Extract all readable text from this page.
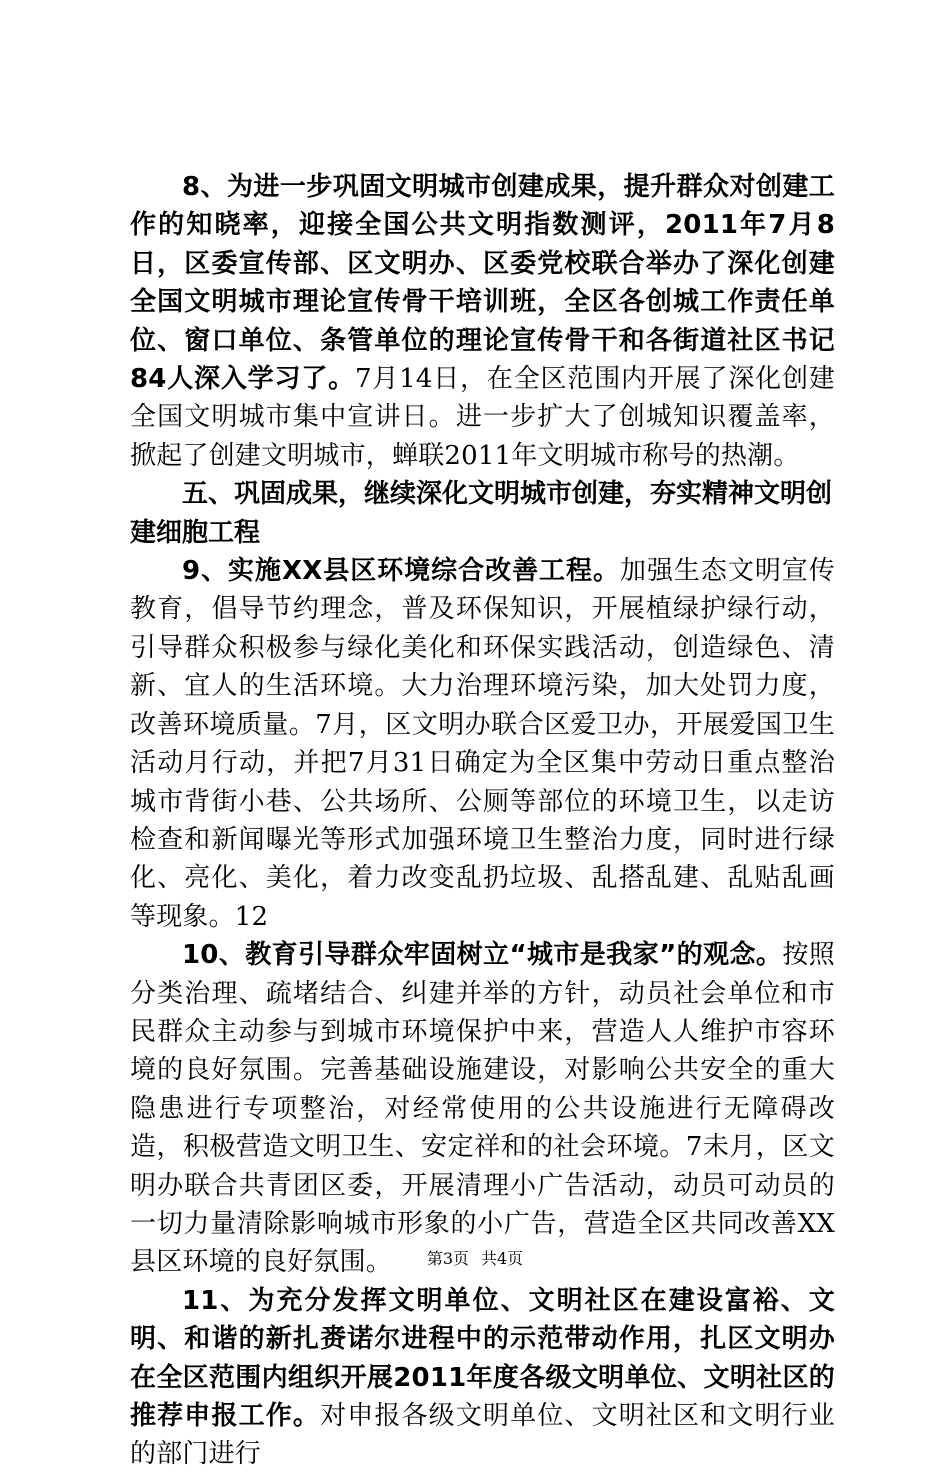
8、为进一步巩固文明城市创建成果，提升群众对创建工作的知晓率，迎接全国公共文明指数测评，2011年7月8日，区委宣传部、区文明办、区委党校联合举办了深化创建全国文明城市理论宣传骨干培训班，全区各创城工作责任单位、窗口单位、条管单位的理论宣传骨干和各街道社区书记84人深入学习了。7月14日，在全区范围内开展了深化创建全国文明城市集中宣讲日。进一步扩大了创城知识覆盖率，掀起了创建文明城市，蝉联2011年文明城市称号的热潮。

五、巩固成果，继续深化文明城市创建，夯实精神文明创建细胞工程

9、实施XX县区环境综合改善工程。加强生态文明宣传教育，倡导节约理念，普及环保知识，开展植绿护绿行动，引导群众积极参与绿化美化和环保实践活动，创造绿色、清新、宜人的生活环境。大力治理环境污染，加大处罚力度，改善环境质量。7月，区文明办联合区爱卫办，开展爱国卫生活动月行动，并把7月31日确定为全区集中劳动日重点整治城市背街小巷、公共场所、公厕等部位的环境卫生，以走访检查和新闻曝光等形式加强环境卫生整治力度，同时进行绿化、亮化、美化，着力改变乱扔垃圾、乱搭乱建、乱贴乱画等现象。12

10、教育引导群众牢固树立“城市是我家”的观念。按照分类治理、疏堵结合、纠建并举的方针，动员社会单位和市民群众主动参与到城市环境保护中来，营造人人维护市容环境的良好氛围。完善基础设施建设，对影响公共安全的重大隐患进行专项整治，对经常使用的公共设施进行无障碍改造，积极营造文明卫生、安定祥和的社会环境。7未月，区文明办联合共青团区委，开展清理小广告活动，动员可动员的一切力量清除影响城市形象的小广告，营造全区共同改善XX县区环境的良好氛围。

11、为充分发挥文明单位、文明社区在建设富裕、文明、和谐的新扎赉诺尔进程中的示范带动作用，扎区文明办在全区范围内组织开展2011年度各级文明单位、文明社区的推荐申报工作。对申报各级文明单位、文明社区和文明行业的部门进行

第3页 共4页
